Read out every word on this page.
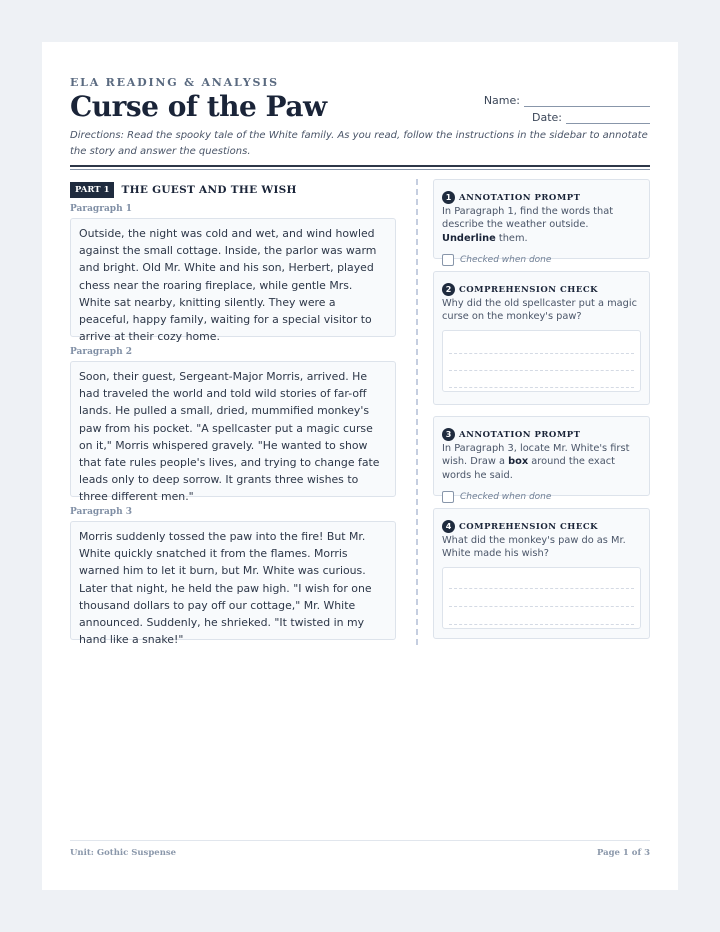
ELA READING & ANALYSIS
Curse of the Paw	Name:
Date:
Directions: Read the spooky tale of the White family. As you read, follow the instructions in the sidebar to annotate the story and answer the questions.
PART 1 THE GUEST AND THE WISH
Paragraph 1
Outside, the night was cold and wet, and wind howled against the small cottage. Inside, the parlor was warm and bright. Old Mr. White and his son, Herbert, played chess near the roaring fireplace, while gentle Mrs. White sat nearby, knitting silently. They were a peaceful, happy family, waiting for a special visitor to arrive at their cozy home.
Paragraph 2
Soon, their guest, Sergeant-Major Morris, arrived. He had traveled the world and told wild stories of far-off lands. He pulled a small, dried, mummified monkey's paw from his pocket. "A spellcaster put a magic curse on it," Morris whispered gravely. "He wanted to show that fate rules people's lives, and trying to change fate leads only to deep sorrow. It grants three wishes to three different men."
Paragraph 3
Morris suddenly tossed the paw into the fire! But Mr. White quickly snatched it from the flames. Morris warned him to let it burn, but Mr. White was curious. Later that night, he held the paw high. "I wish for one thousand dollars to pay off our cottage," Mr. White announced. Suddenly, he shrieked. "It twisted in my hand like a snake!"
1 ANNOTATION PROMPT
In Paragraph 1, find the words that describe the weather outside. Underline them.
Checked when done
2 COMPREHENSION CHECK
Why did the old spellcaster put a magic curse on the monkey's paw?
3 ANNOTATION PROMPT
In Paragraph 3, locate Mr. White's first wish. Draw a box around the exact words he said.
Checked when done
4 COMPREHENSION CHECK
What did the monkey's paw do as Mr. White made his wish?
Unit: Gothic Suspense	Page 1 of 3
